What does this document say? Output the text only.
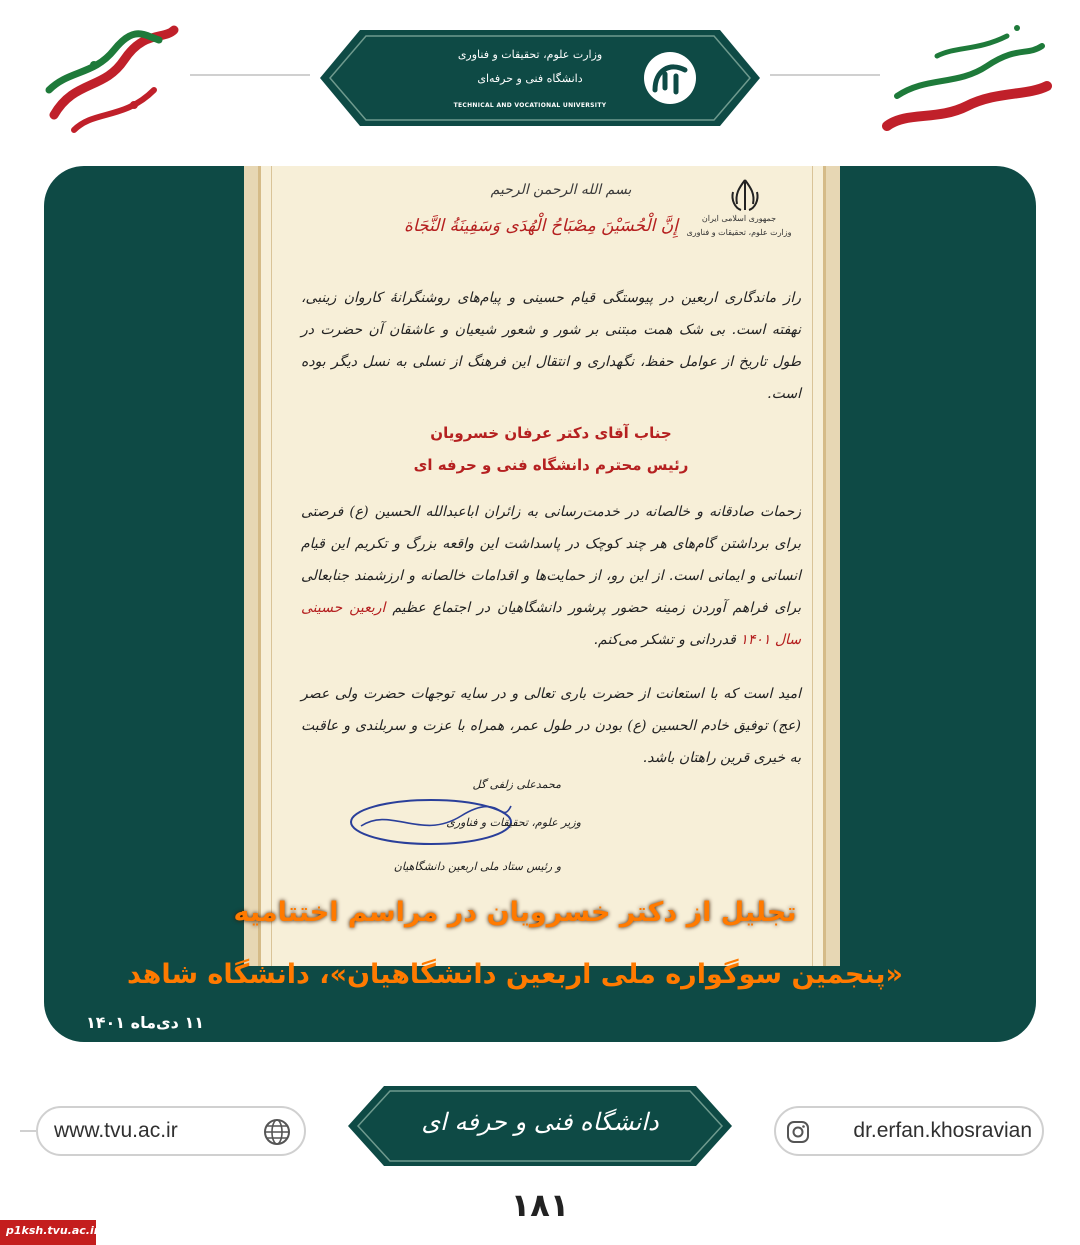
وزارت علوم، تحقیقات و فناوری
دانشگاه فنی و حرفه‌ای
TECHNICAL AND VOCATIONAL UNIVERSITY
جمهوری اسلامی ایران
وزارت علوم، تحقیقات و فناوری
بسم الله الرحمن الرحیم
إِنَّ الْحُسَیْنَ مِصْبَاحُ الْهُدَى وَسَفِینَةُ النَّجَاة
راز ماندگاری اربعین در پیوستگی قیام حسینی و پیام‌های روشنگرانهٔ کاروان زینبی، نهفته است. بی شک همت مبتنی بر شور و شعور شیعیان و عاشقان آن حضرت در طول تاریخ از عوامل حفظ، نگهداری و انتقال این فرهنگ از نسلی به نسل دیگر بوده است.
جناب آقای دکتر عرفان خسرویان
رئیس محترم دانشگاه فنی و حرفه ای
زحمات صادقانه و خالصانه در خدمت‌رسانی به زائران اباعبدالله الحسین (ع) فرصتی برای برداشتن گام‌های هر چند کوچک در پاسداشت این واقعه بزرگ و تکریم این قیام انسانی و ایمانی است. از این رو، از حمایت‌ها و اقدامات خالصانه و ارزشمند جنابعالی برای فراهم آوردن زمینه حضور پرشور دانشگاهیان در اجتماع عظیم اربعین حسینی سال ۱۴۰۱ قدردانی و تشکر می‌کنم.
امید است که با استعانت از حضرت باری تعالی و در سایه توجهات حضرت ولی عصر (عج) توفیق خادم الحسین (ع) بودن در طول عمر، همراه با عزت و سربلندی و عاقبت به خیری قرین راهتان باشد.
محمدعلی زلفی گل
وزیر علوم، تحقیقات و فناوری
و رئیس ستاد ملی اربعین دانشگاهیان
تجلیل از دکتر خسرویان در مراسم اختتامیه
«پنجمین سوگواره ملی اربعین دانشگاهیان»، دانشگاه شاهد
۱۱ دی‌ماه ۱۴۰۱
www.tvu.ac.ir	دانشگاه فنی و حرفه ای	dr.erfan.khosravian
۱۸۱
p1ksh.tvu.ac.ir
